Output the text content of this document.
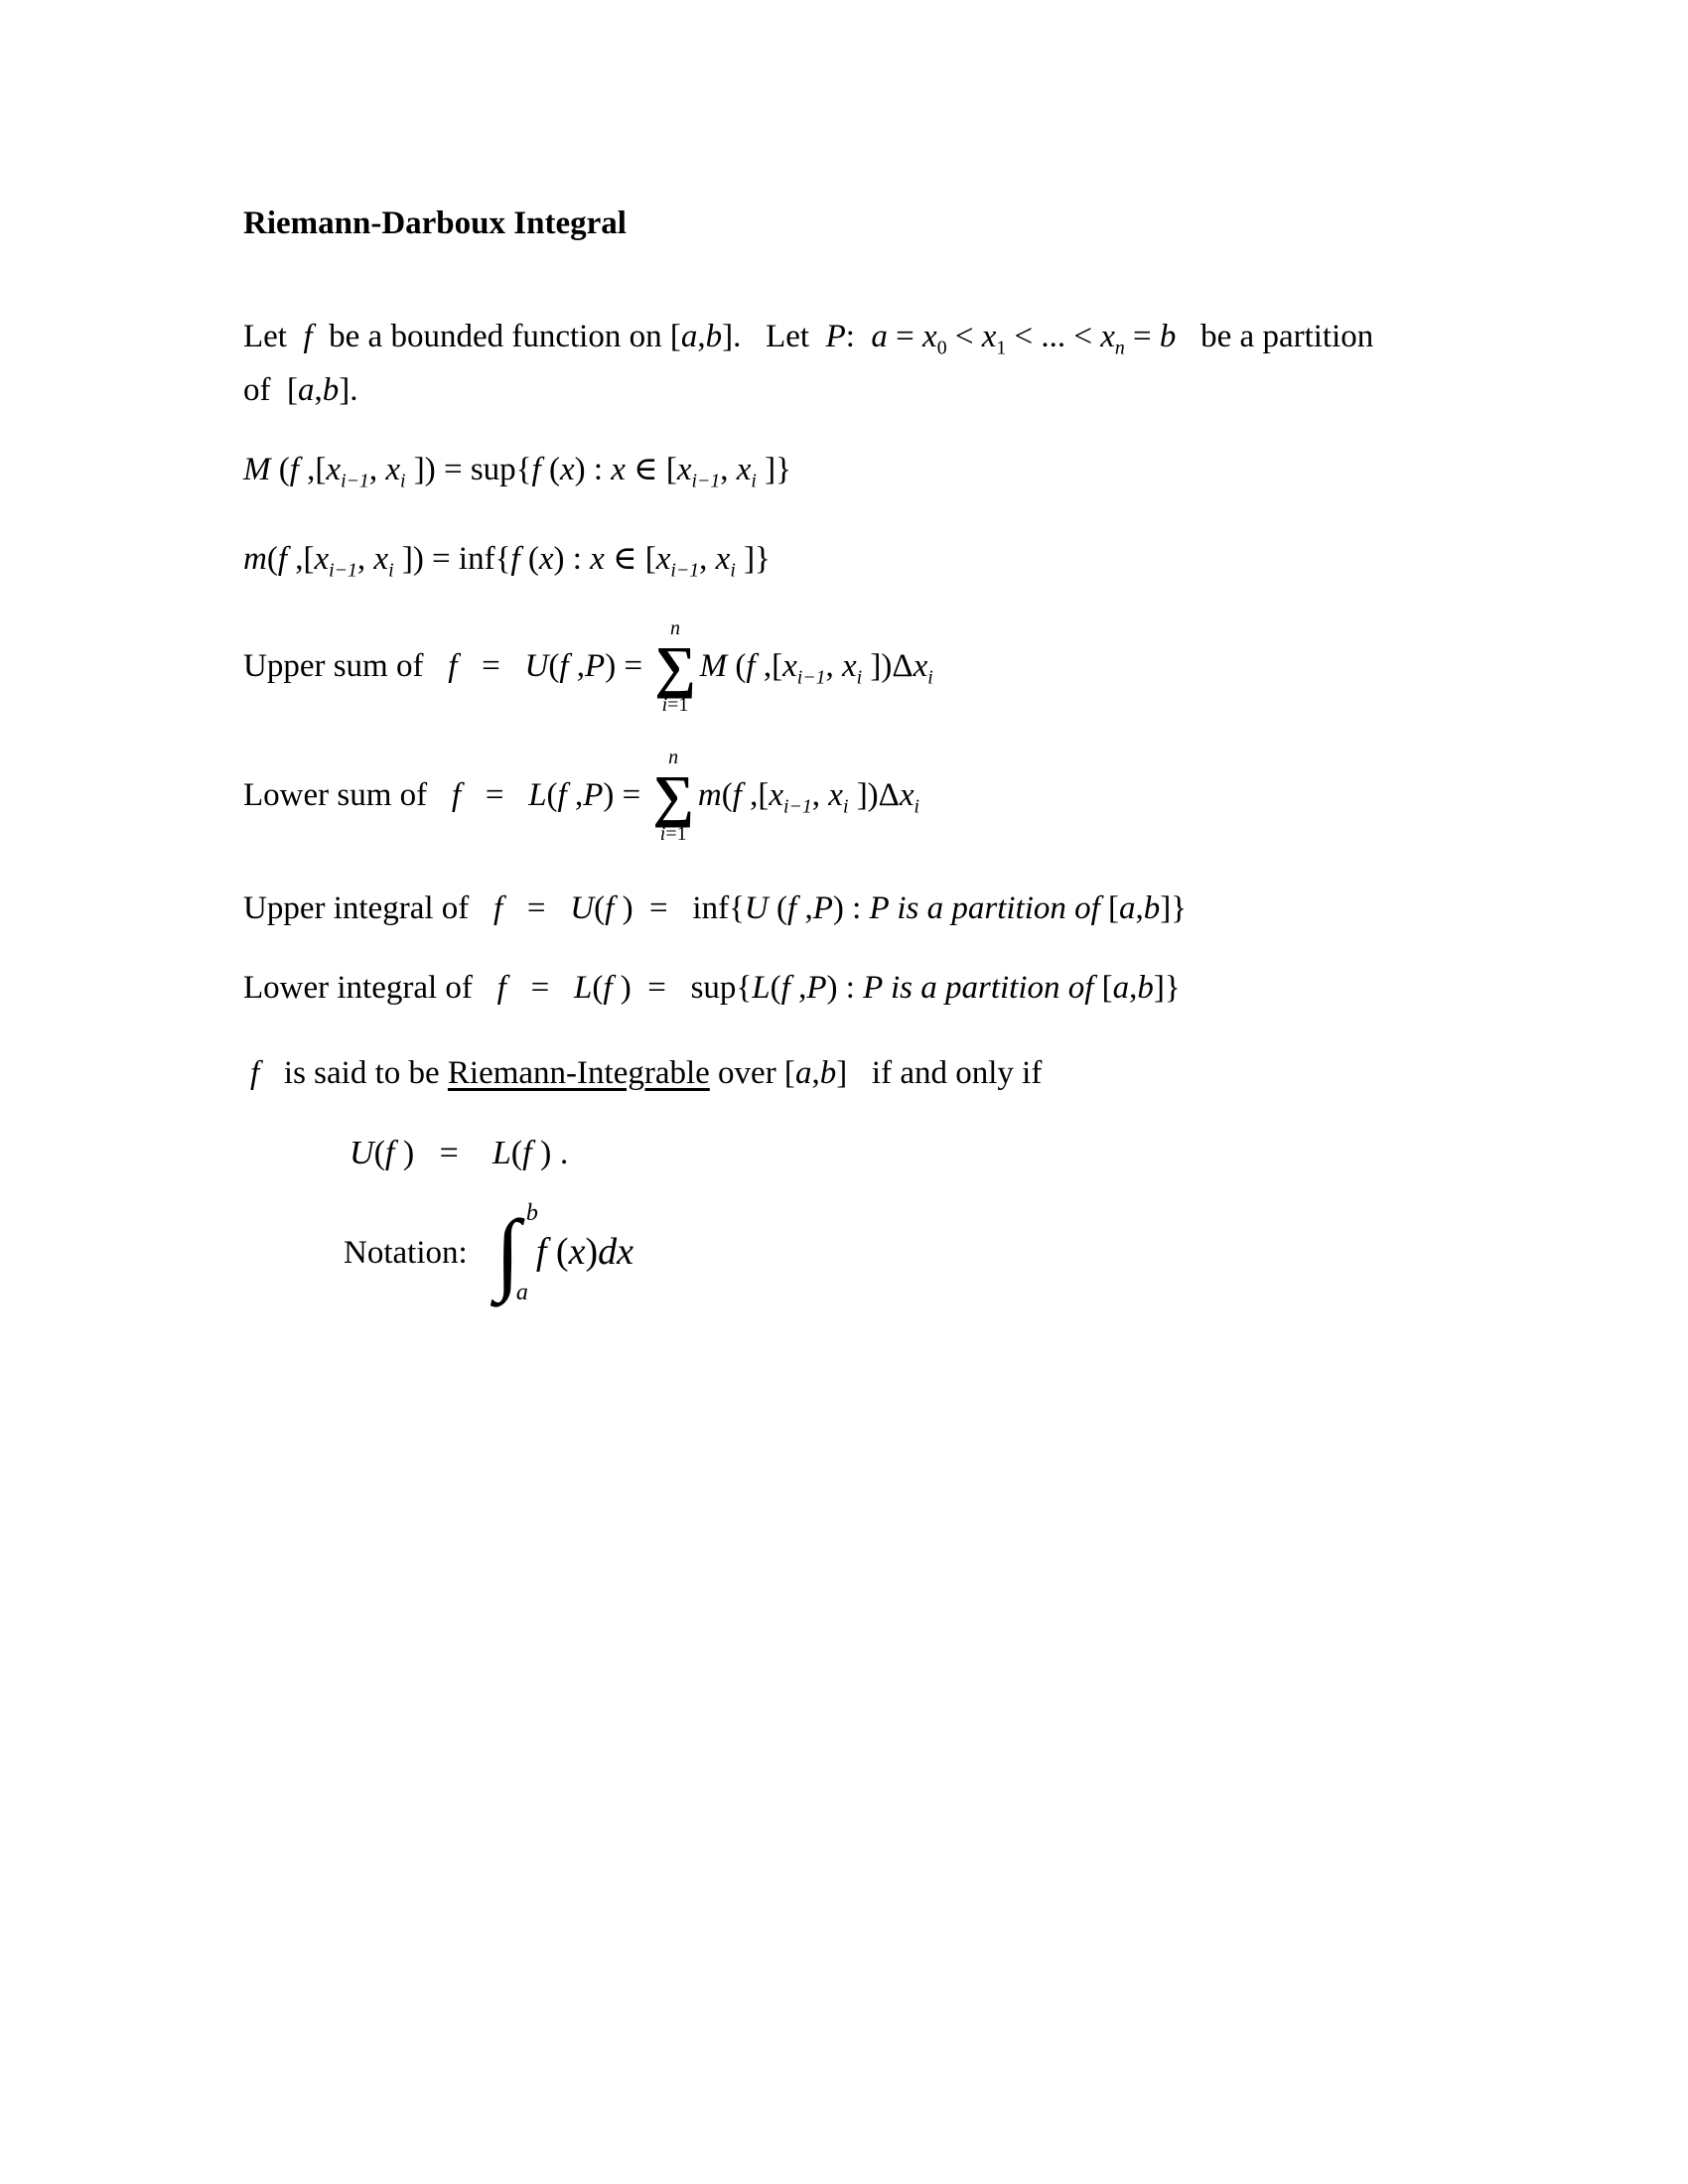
Riemann-Darboux Integral

Let  f  be a bounded function on [a,b].   Let  P:  $a = x_0 < x_1$ < ... < $x_n = b$   be a partition

of  [a,b].

M (f $,[x_{i-1}$, $x_i$ ]) = sup{f (x) : x ∈ [$x_{i-1}$, $x_i$ ]}

m(f $,[x_{i-1}$, $x_i$ ]) = inf{f (x) : x ∈ [$x_{i-1}$, $x_i$ ]}

Upper sum of   f   =   U(f ,P) =
n
∑
i=1
M (f $,[x_{i-1}$, $x_i$ ])$\Delta x_i$
Lower sum of   f   =   L(f ,P) =
n
∑
i=1
m(f $,[x_{i-1}$, $x_i$ ])$\Delta x_i$

Upper integral of   f   =   U(f )  =   inf{U (f ,P) : P is a partition of [a,b]}

Lower integral of   f   =   L(f )  =   sup{L(f ,P) : P is a partition of [a,b]}

f   is said to be Riemann-Integrable over [a,b]   if and only if

U(f )   =    L(f ) .

Notation: ∫ b
a
f (x)dx
